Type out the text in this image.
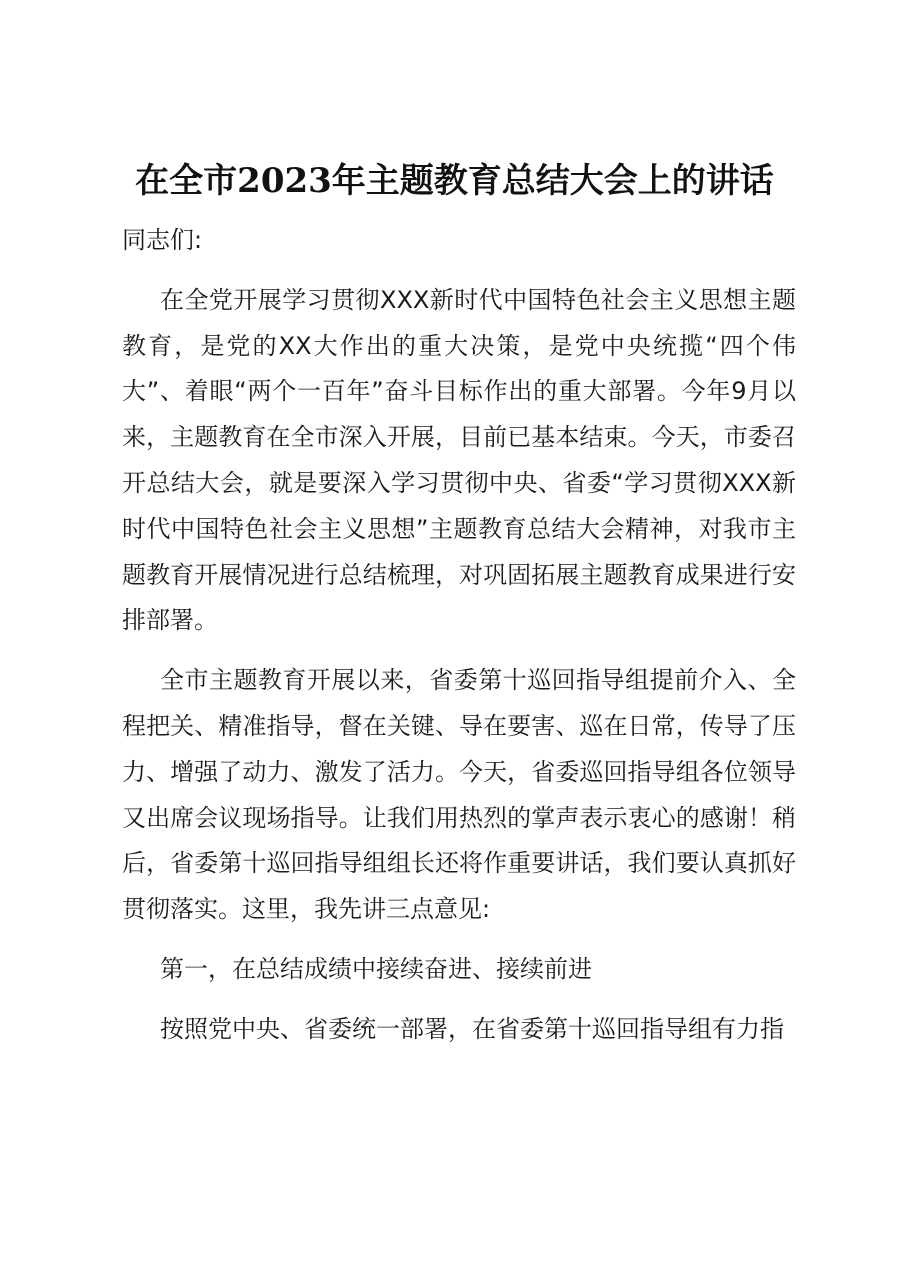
在全市2023年主题教育总结大会上的讲话

同志们:

在全党开展学习贯彻XXX新时代中国特色社会主义思想主题教育，是党的XX大作出的重大决策，是党中央统揽“四个伟大”、着眼“两个一百年”奋斗目标作出的重大部署。今年9月以来，主题教育在全市深入开展，目前已基本结束。今天，市委召开总结大会，就是要深入学习贯彻中央、省委“学习贯彻XXX新时代中国特色社会主义思想”主题教育总结大会精神，对我市主题教育开展情况进行总结梳理，对巩固拓展主题教育成果进行安排部署。

全市主题教育开展以来，省委第十巡回指导组提前介入、全程把关、精准指导，督在关键、导在要害、巡在日常，传导了压力、增强了动力、激发了活力。今天，省委巡回指导组各位领导又出席会议现场指导。让我们用热烈的掌声表示衷心的感谢！稍后，省委第十巡回指导组组长还将作重要讲话，我们要认真抓好贯彻落实。这里，我先讲三点意见:

第一，在总结成绩中接续奋进、接续前进

按照党中央、省委统一部署，在省委第十巡回指导组有力指
